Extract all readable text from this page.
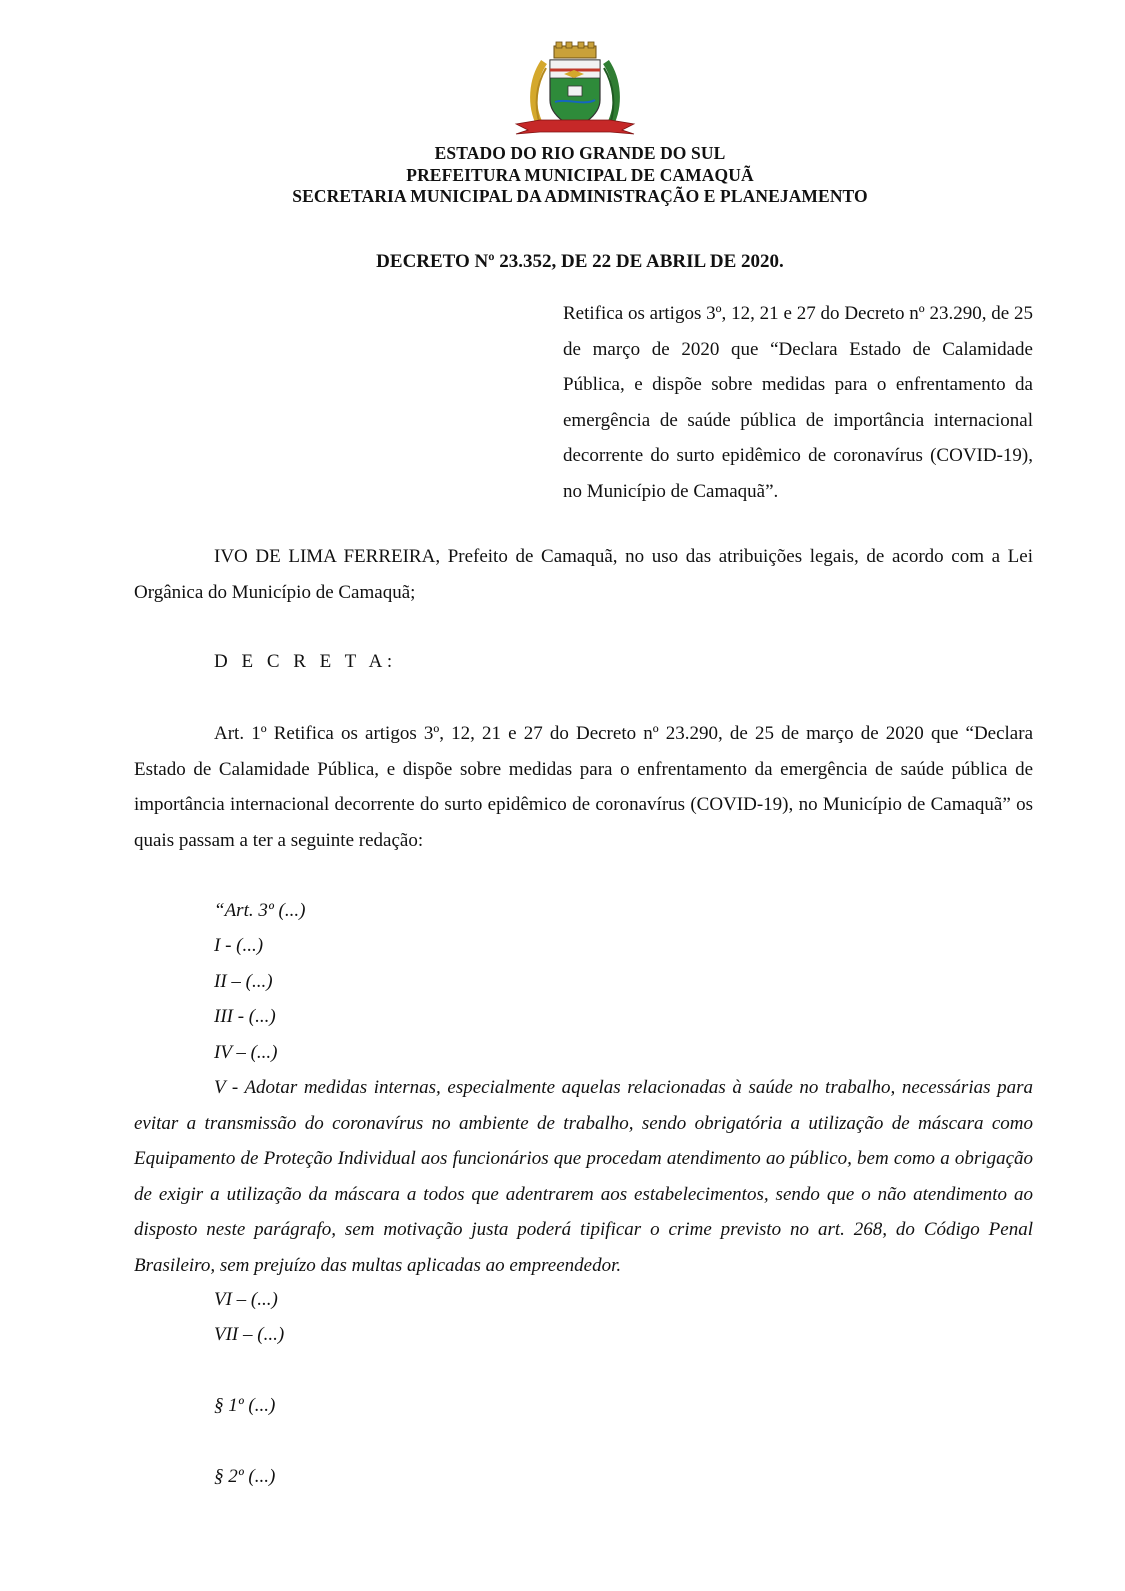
ESTADO DO RIO GRANDE DO SUL
PREFEITURA MUNICIPAL DE CAMAQUÃ
SECRETARIA MUNICIPAL DA ADMINISTRAÇÃO E PLANEJAMENTO
DECRETO Nº 23.352, DE 22 DE ABRIL DE 2020.
Retifica os artigos 3º, 12, 21 e 27 do Decreto nº 23.290, de 25 de março de 2020 que “Declara Estado de Calamidade Pública, e dispõe sobre medidas para o enfrentamento da emergência de saúde pública de importância internacional decorrente do surto epidêmico de coronavírus (COVID-19), no Município de Camaquã”.
IVO DE LIMA FERREIRA, Prefeito de Camaquã, no uso das atribuições legais, de acordo com a Lei Orgânica do Município de Camaquã;
D E C R E T A:
Art. 1º Retifica os artigos 3º, 12, 21 e 27 do Decreto nº 23.290, de 25 de março de 2020 que “Declara Estado de Calamidade Pública, e dispõe sobre medidas para o enfrentamento da emergência de saúde pública de importância internacional decorrente do surto epidêmico de coronavírus (COVID-19), no Município de Camaquã” os quais passam a ter a seguinte redação:
“Art. 3º (...)
I - (...)
II – (...)
III - (...)
IV – (...)
V - Adotar medidas internas, especialmente aquelas relacionadas à saúde no trabalho, necessárias para evitar a transmissão do coronavírus no ambiente de trabalho, sendo obrigatória a utilização de máscara como Equipamento de Proteção Individual aos funcionários que procedam atendimento ao público, bem como a obrigação de exigir a utilização da máscara a todos que adentrarem aos estabelecimentos, sendo que o não atendimento ao disposto neste parágrafo, sem motivação justa poderá tipificar o crime previsto no art. 268, do Código Penal Brasileiro, sem prejuízo das multas aplicadas ao empreendedor.
VI – (...)
VII – (...)
§ 1º (...)
§ 2º (...)
